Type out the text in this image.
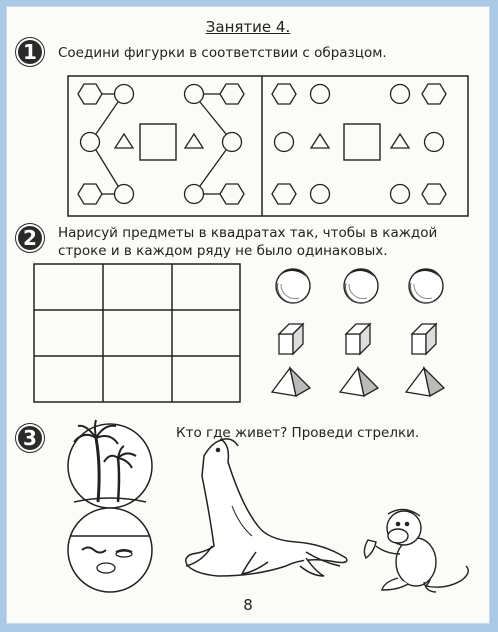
Занятие 4.
1	Соедини фигурки в соответствии с образцом.
2	Нарисуй предметы в квадратах так, чтобы в каждой
строке и в каждом ряду не было одинаковых.
3	Кто где живет? Проведи стрелки.
8
